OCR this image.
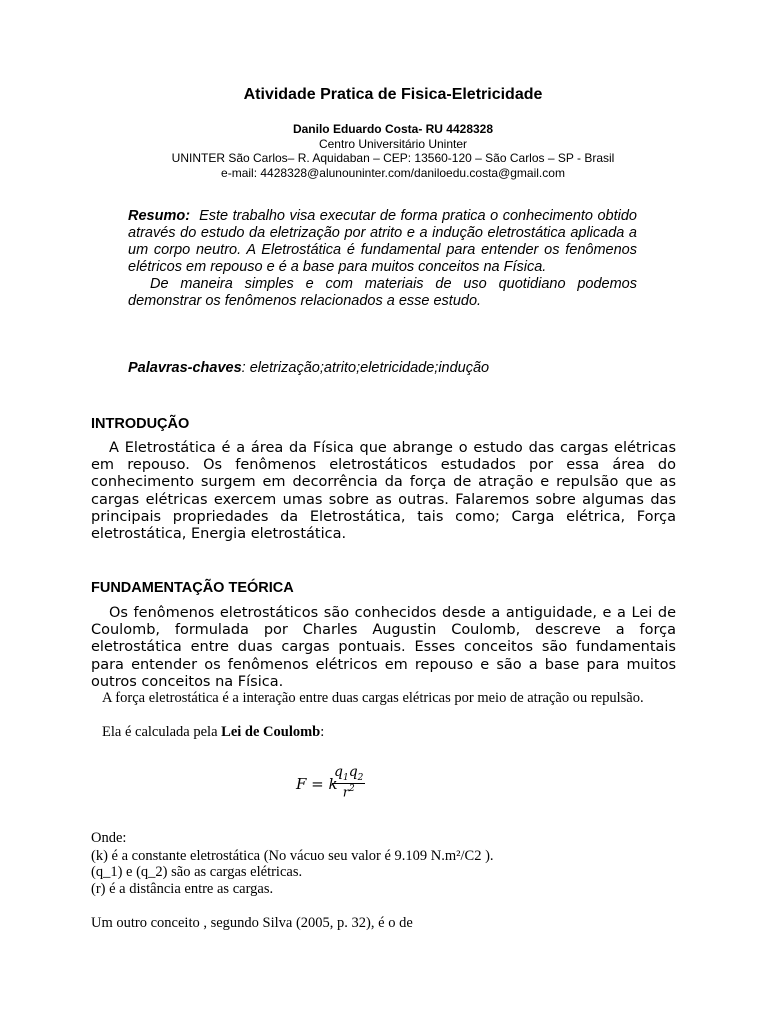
Atividade Pratica de Fisica-Eletricidade
Danilo Eduardo Costa- RU 4428328
Centro Universitário Uninter
UNINTER São Carlos– R. Aquidaban – CEP: 13560-120 – São Carlos – SP - Brasil
e-mail: 4428328@alunouninter.com/daniloedu.costa@gmail.com

Resumo: Este trabalho visa executar de forma pratica o conhecimento obtido através do estudo da eletrização por atrito e a indução eletrostática aplicada a um corpo neutro. A Eletrostática é fundamental para entender os fenômenos elétricos em repouso e é a base para muitos conceitos na Física.

De maneira simples e com materiais de uso quotidiano podemos demonstrar os fenômenos relacionados a esse estudo.

Palavras-chaves: eletrização;atrito;eletricidade;indução
INTRODUÇÃO

A Eletrostática é a área da Física que abrange o estudo das cargas elétricas em repouso. Os fenômenos eletrostáticos estudados por essa área do conhecimento surgem em decorrência da força de atração e repulsão que as cargas elétricas exercem umas sobre as outras. Falaremos sobre algumas das principais propriedades da Eletrostática, tais como; Carga elétrica, Força eletrostática, Energia eletrostática.

FUNDAMENTAÇÃO TEÓRICA

Os fenômenos eletrostáticos são conhecidos desde a antiguidade, e a Lei de Coulomb, formulada por Charles Augustin Coulomb, descreve a força eletrostática entre duas cargas pontuais. Esses conceitos são fundamentais para entender os fenômenos elétricos em repouso e são a base para muitos outros conceitos na Física.

A força eletrostática é a interação entre duas cargas elétricas por meio de atração ou repulsão.

Ela é calculada pela Lei de Coulomb:

F = k
$\frac{q_1q_2}{r^2}$

Onde:

(k) é a constante eletrostática (No vácuo seu valor é 9.109 N.m²/C2 ).

(q_1) e (q_2) são as cargas elétricas.

(r) é a distância entre as cargas.

Um outro conceito , segundo Silva (2005, p. 32), é o de
